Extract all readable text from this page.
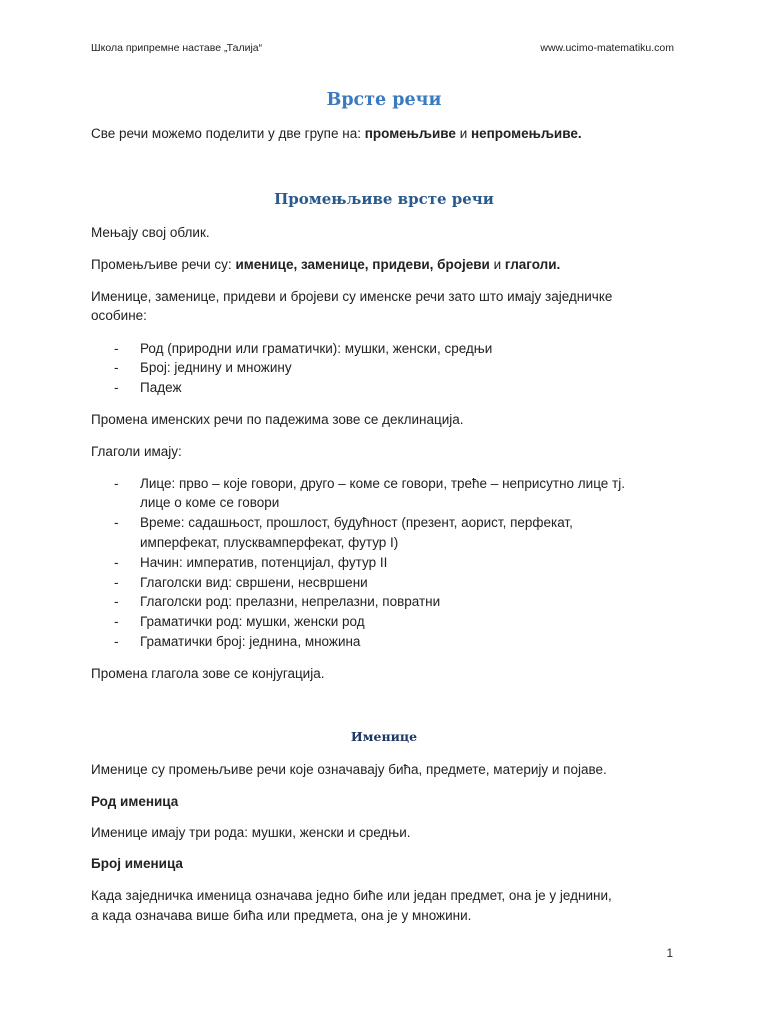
Школа припремне наставе „Талија“	www.ucimo-matematiku.com
Врсте речи
Све речи можемо поделити у две групе на: промењљиве и непромењљиве.
Промењљиве врсте речи
Мењају свој облик.
Промењљиве речи су: именице, заменице, придеви, бројеви и глаголи.
Именице, заменице, придеви и бројеви су именске речи зато што имају заједничке
особине:
- Род (природни или граматички): мушки, женски, средњи
- Број: једнину и множину
- Падеж
Промена именских речи по падежима зове се деклинација.
Глаголи имају:
- Лице: прво – које говори, друго – коме се говори, треће – неприсутно лице тј.
лице о коме се говори
- Време: садашњост, прошлост, будућност (презент, аорист, перфекат,
имперфекат, плусквамперфекат, футур I)
- Начин: императив, потенцијал, футур II
- Глаголски вид: свршени, несвршени
- Глаголски род: прелазни, непрелазни, повратни
- Граматички род: мушки, женски род
- Граматички број: једнина, множина
Промена глагола зове се конјугација.
Именице
Именице су промењљиве речи које означавају бића, предмете, материју и појаве.
Род именица
Именице имају три рода: мушки, женски и средњи.
Број именица
Када заједничка именица означава једно биће или један предмет, она је у једнини,
а када означава више бића или предмета, она је у множини.
1
